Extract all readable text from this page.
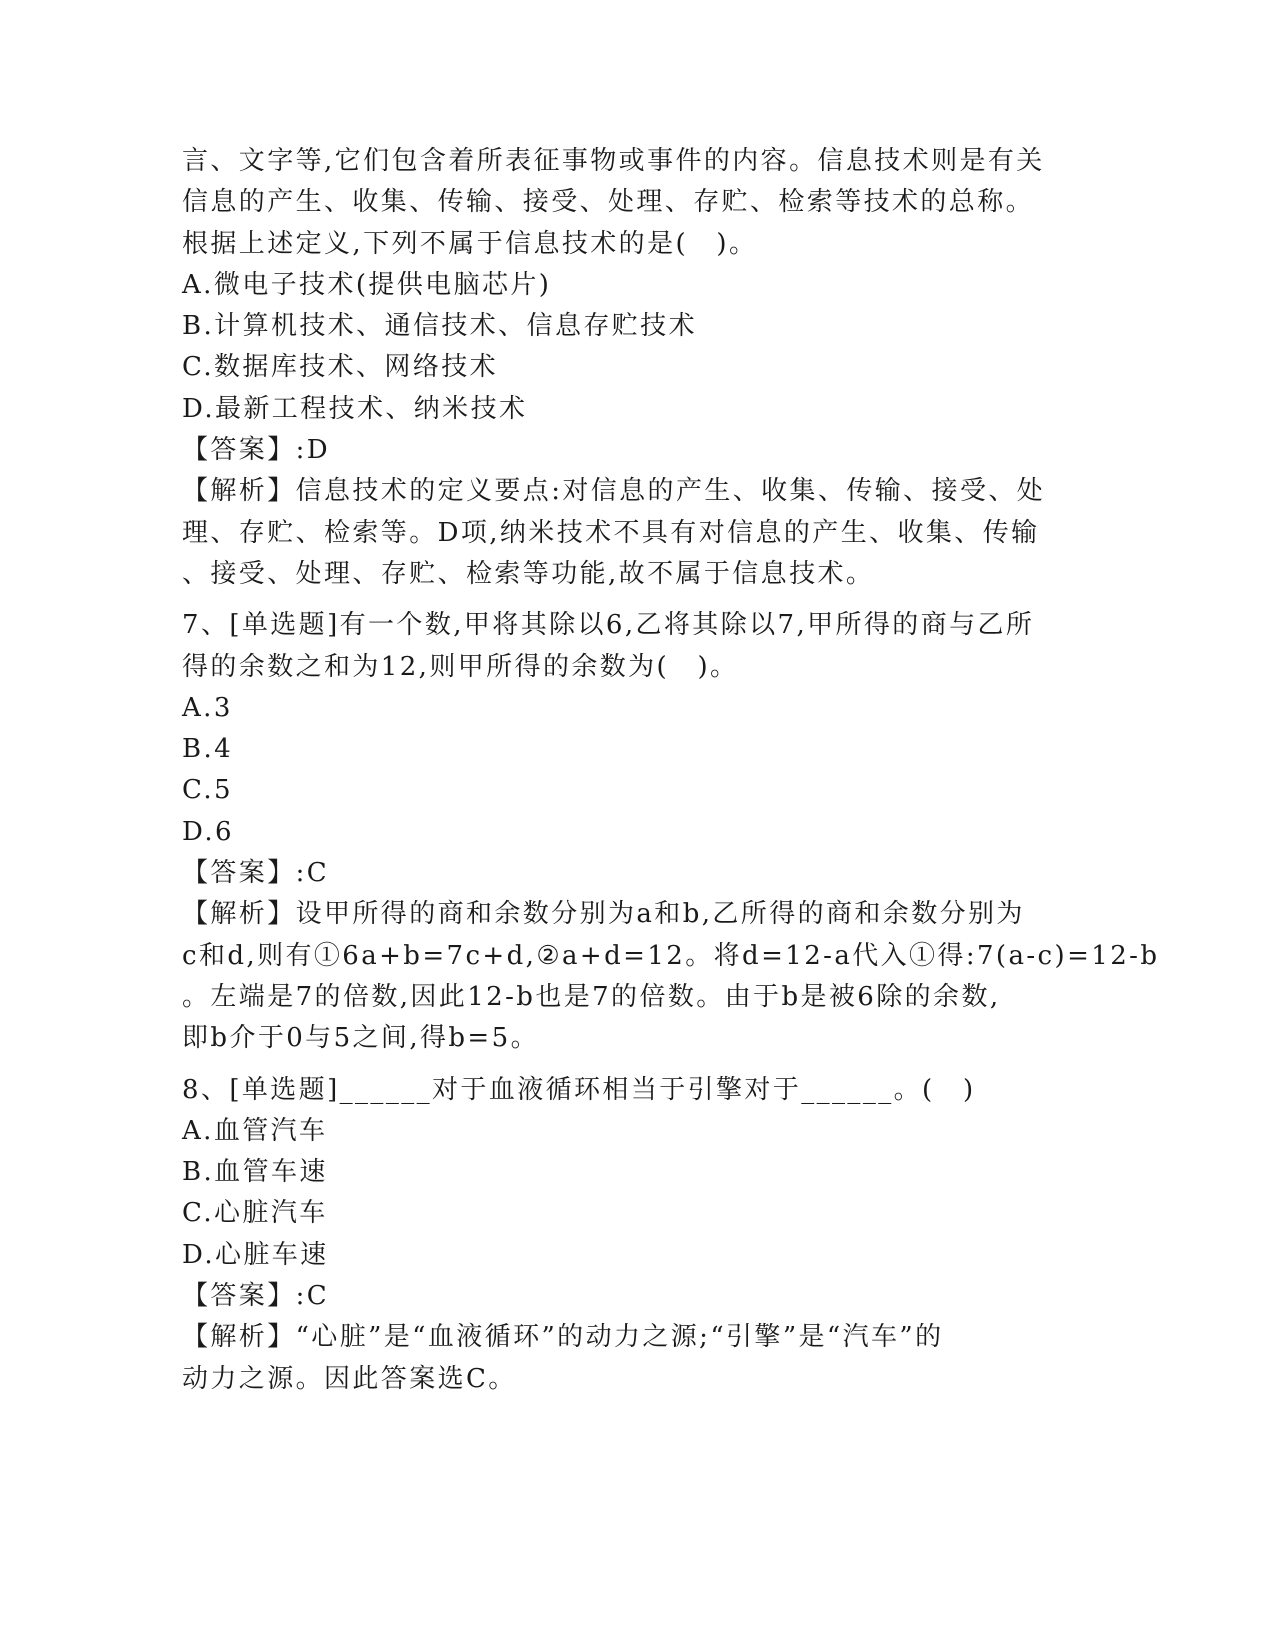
言、文字等,它们包含着所表征事物或事件的内容。信息技术则是有关
信息的产生、收集、传输、接受、处理、存贮、检索等技术的总称。
根据上述定义,下列不属于信息技术的是(　)。
A.微电子技术(提供电脑芯片)
B.计算机技术、通信技术、信息存贮技术
C.数据库技术、网络技术
D.最新工程技术、纳米技术
【答案】:D
【解析】信息技术的定义要点:对信息的产生、收集、传输、接受、处
理、存贮、检索等。D项,纳米技术不具有对信息的产生、收集、传输
、接受、处理、存贮、检索等功能,故不属于信息技术。
7、[单选题]有一个数,甲将其除以6,乙将其除以7,甲所得的商与乙所
得的余数之和为12,则甲所得的余数为(　)。
A.3
B.4
C.5
D.6
【答案】:C
【解析】设甲所得的商和余数分别为a和b,乙所得的商和余数分别为
c和d,则有①6a+b=7c+d,②a+d=12。将d=12-a代入①得:7(a-c)=12-b
。左端是7的倍数,因此12-b也是7的倍数。由于b是被6除的余数,
即b介于0与5之间,得b=5。
8、[单选题]______对于血液循环相当于引擎对于______。(　)
A.血管汽车
B.血管车速
C.心脏汽车
D.心脏车速
【答案】:C
【解析】“心脏”是“血液循环”的动力之源;“引擎”是“汽车”的
动力之源。因此答案选C。
